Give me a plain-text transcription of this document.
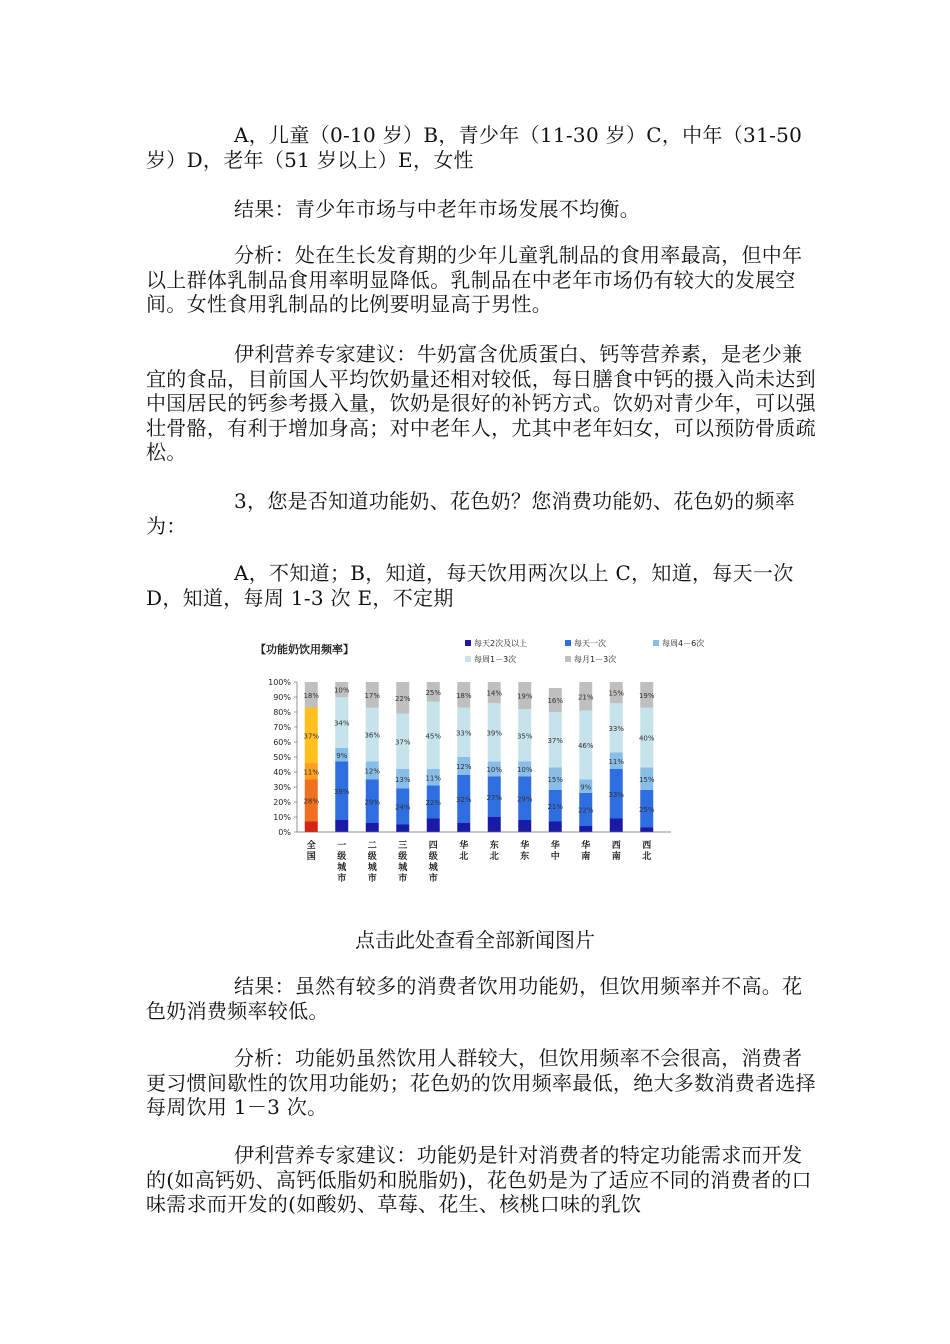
A，儿童（0-10 岁）B，青少年（11-30 岁）C，中年（31-50 岁）D，老年（51 岁以上）E，女性

结果：青少年市场与中老年市场发展不均衡。

分析：处在生长发育期的少年儿童乳制品的食用率最高，但中年以上群体乳制品食用率明显降低。乳制品在中老年市场仍有较大的发展空间。女性食用乳制品的比例要明显高于男性。

伊利营养专家建议：牛奶富含优质蛋白、钙等营养素，是老少兼宜的食品，目前国人平均饮奶量还相对较低，每日膳食中钙的摄入尚未达到中国居民的钙参考摄入量，饮奶是很好的补钙方式。饮奶对青少年，可以强壮骨骼，有利于增加身高；对中老年人，尤其中老年妇女，可以预防骨质疏松。

3，您是否知道功能奶、花色奶？您消费功能奶、花色奶的频率为：

A，不知道；B，知道，每天饮用两次以上 C，知道，每天一次 D，知道，每周 1-3 次 E，不定期

【功能奶饮用频率】	每天2次及以上	每天一次	每周4－6次
每周1－3次	每月1－3次
0%
10%
20%
30%
40%
50%
60%
70%
80%
90%
100%
28%
11%
37%
18%
39%
9%
34%
10%
29%
12%
36%
17%
24%
13%
37%
22%
22%
11%
45%
25%
32%
12%
33%
18%
27%
10%
39%
14%
29%
10%
35%
19%
21%
15%
37%
16%
22%
9%
46%
21%
33%
11%
33%
15%
25%
15%
40%
19%
全
国
一
级
城
市
二
级
城
市
三
级
城
市
四
级
城
市
华
北
东
北
华
东
华
中
华
南
西
南
西
北
点击此处查看全部新闻图片

结果：虽然有较多的消费者饮用功能奶，但饮用频率并不高。花色奶消费频率较低。

分析：功能奶虽然饮用人群较大，但饮用频率不会很高，消费者更习惯间歇性的饮用功能奶；花色奶的饮用频率最低，绝大多数消费者选择每周饮用 1－3 次。

伊利营养专家建议：功能奶是针对消费者的特定功能需求而开发的(如高钙奶、高钙低脂奶和脱脂奶)，花色奶是为了适应不同的消费者的口味需求而开发的(如酸奶、草莓、花生、核桃口味的乳饮
